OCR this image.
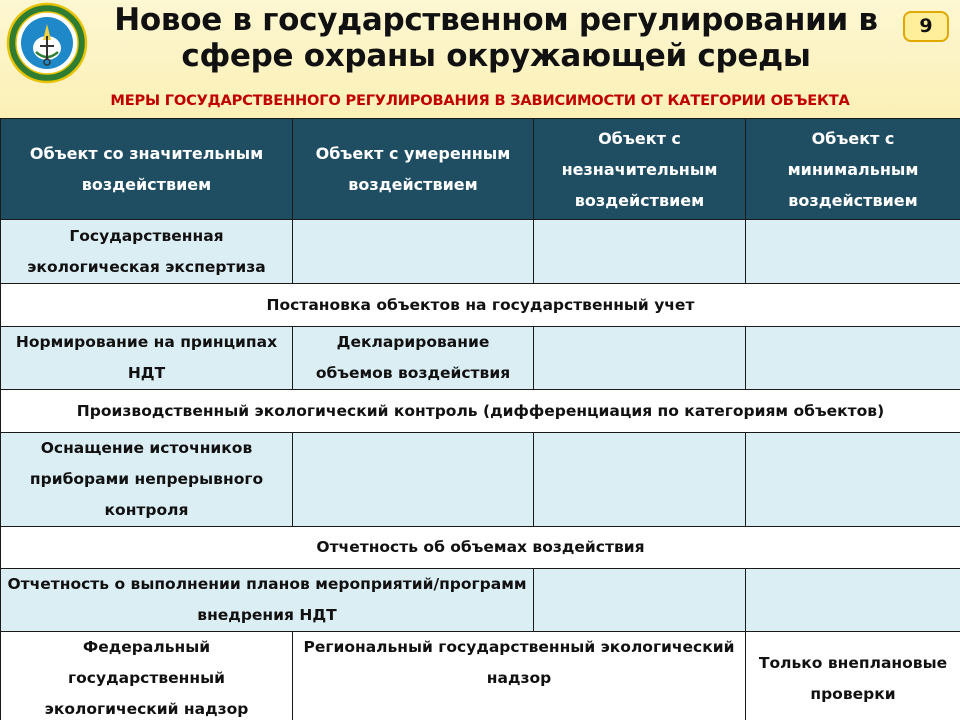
Новое в государственном регулировании в
сфере охраны окружающей среды
9
МЕРЫ ГОСУДАРСТВЕННОГО РЕГУЛИРОВАНИЯ В ЗАВИСИМОСТИ ОТ КАТЕГОРИИ ОБЪЕКТА
Объект со значительным воздействием	Объект с умеренным воздействием	Объект с незначительным воздействием	Объект с минимальным воздействием
Государственная экологическая экспертиза			
Постановка объектов на государственный учет			
Нормирование на принципах НДТ	Декларирование объемов воздействия		
Производственный экологический контроль (дифференциация по категориям объектов)			
Оснащение источников приборами непрерывного контроля			
Отчетность об объемах воздействия			
Отчетность о выполнении планов мероприятий/программ внедрения НДТ			
Федеральный государственный экологический надзор	Региональный государственный экологический надзор		Только внеплановые проверки
